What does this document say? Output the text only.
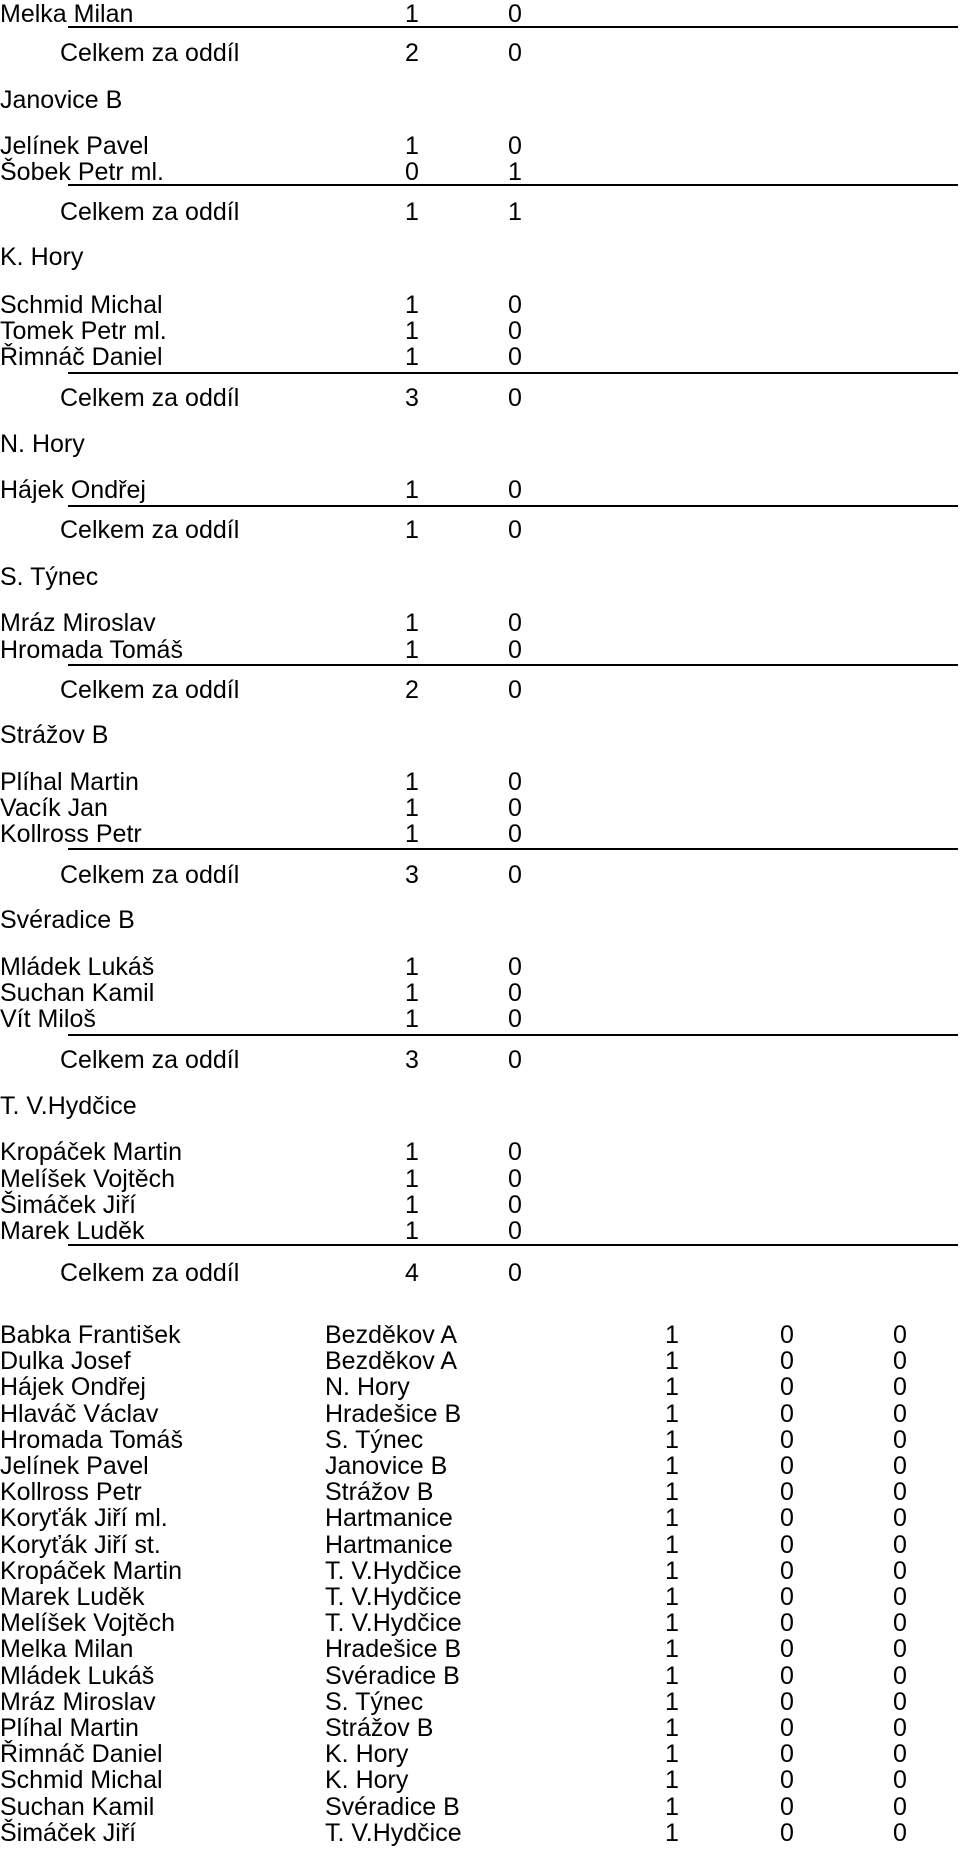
Melka Milan	1	0
Celkem za oddíl	2	0
Janovice B
Jelínek Pavel	1	0
Šobek Petr ml.	0	1
Celkem za oddíl	1	1
K. Hory
Schmid Michal	1	0
Tomek Petr ml.	1	0
Řimnáč Daniel	1	0
Celkem za oddíl	3	0
N. Hory
Hájek Ondřej	1	0
Celkem za oddíl	1	0
S. Týnec
Mráz Miroslav	1	0
Hromada Tomáš	1	0
Celkem za oddíl	2	0
Strážov B
Plíhal Martin	1	0
Vacík Jan	1	0
Kollross Petr	1	0
Celkem za oddíl	3	0
Svéradice B
Mládek Lukáš	1	0
Suchan Kamil	1	0
Vít Miloš	1	0
Celkem za oddíl	3	0
T. V.Hydčice
Kropáček Martin	1	0
Melíšek Vojtěch	1	0
Šimáček Jiří	1	0
Marek Luděk	1	0
Celkem za oddíl	4	0
Babka František	Bezděkov A	1	0	0
Dulka Josef	Bezděkov A	1	0	0
Hájek Ondřej	N. Hory	1	0	0
Hlaváč Václav	Hradešice B	1	0	0
Hromada Tomáš	S. Týnec	1	0	0
Jelínek Pavel	Janovice B	1	0	0
Kollross Petr	Strážov B	1	0	0
Koryťák Jiří ml.	Hartmanice	1	0	0
Koryťák Jiří st.	Hartmanice	1	0	0
Kropáček Martin	T. V.Hydčice	1	0	0
Marek Luděk	T. V.Hydčice	1	0	0
Melíšek Vojtěch	T. V.Hydčice	1	0	0
Melka Milan	Hradešice B	1	0	0
Mládek Lukáš	Svéradice B	1	0	0
Mráz Miroslav	S. Týnec	1	0	0
Plíhal Martin	Strážov B	1	0	0
Řimnáč Daniel	K. Hory	1	0	0
Schmid Michal	K. Hory	1	0	0
Suchan Kamil	Svéradice B	1	0	0
Šimáček Jiří	T. V.Hydčice	1	0	0
